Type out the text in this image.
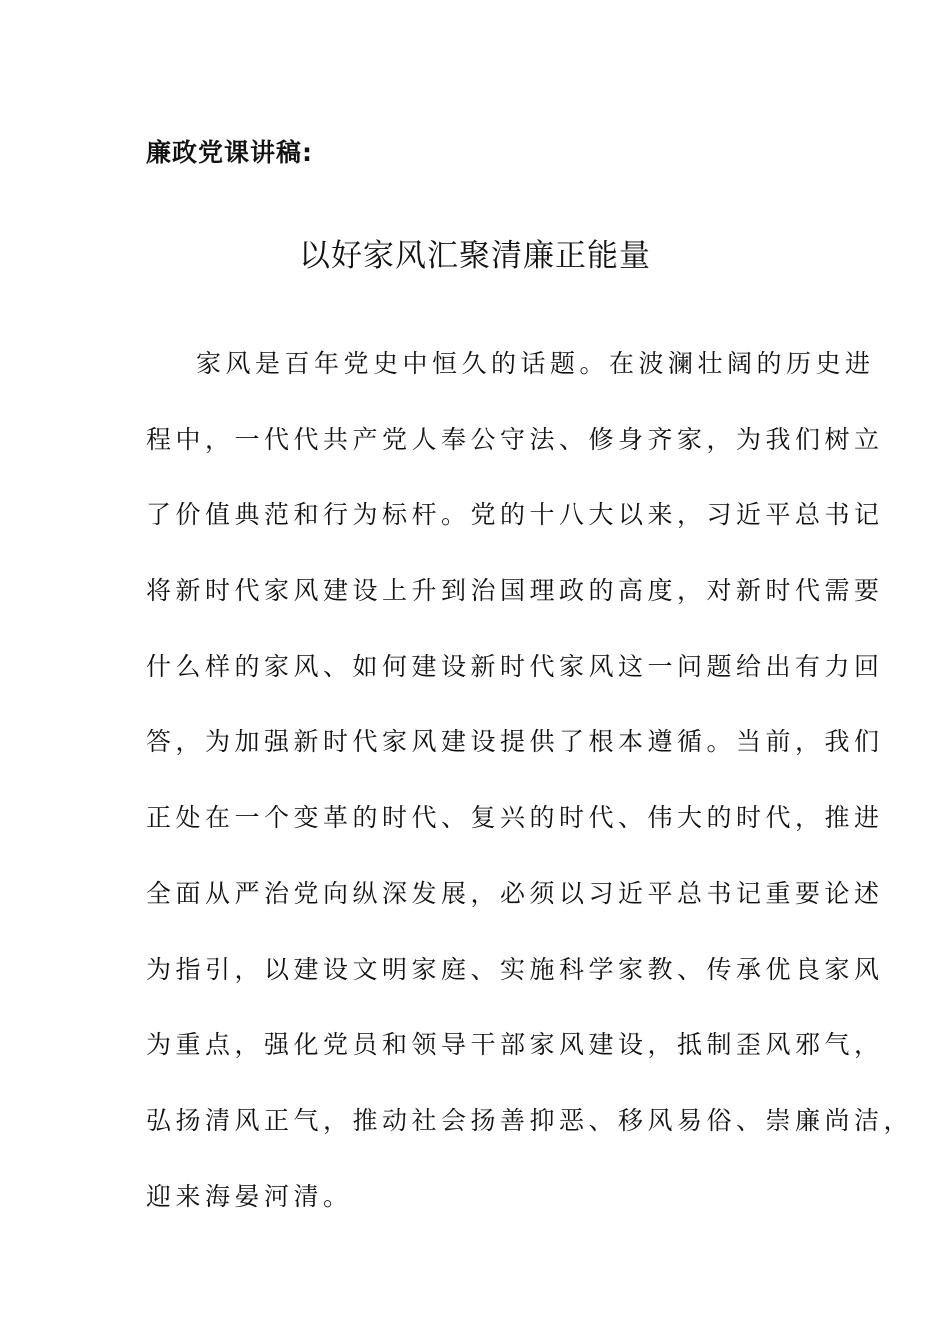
廉政党课讲稿:
以好家风汇聚清廉正能量
家风是百年党史中恒久的话题。在波澜壮阔的历史进
程中，一代代共产党人奉公守法、修身齐家，为我们树立
了价值典范和行为标杆。党的十八大以来，习近平总书记
将新时代家风建设上升到治国理政的高度，对新时代需要
什么样的家风、如何建设新时代家风这一问题给出有力回
答，为加强新时代家风建设提供了根本遵循。当前，我们
正处在一个变革的时代、复兴的时代、伟大的时代，推进
全面从严治党向纵深发展，必须以习近平总书记重要论述
为指引，以建设文明家庭、实施科学家教、传承优良家风
为重点，强化党员和领导干部家风建设，抵制歪风邪气，
弘扬清风正气，推动社会扬善抑恶、移风易俗、崇廉尚洁，
迎来海晏河清。
